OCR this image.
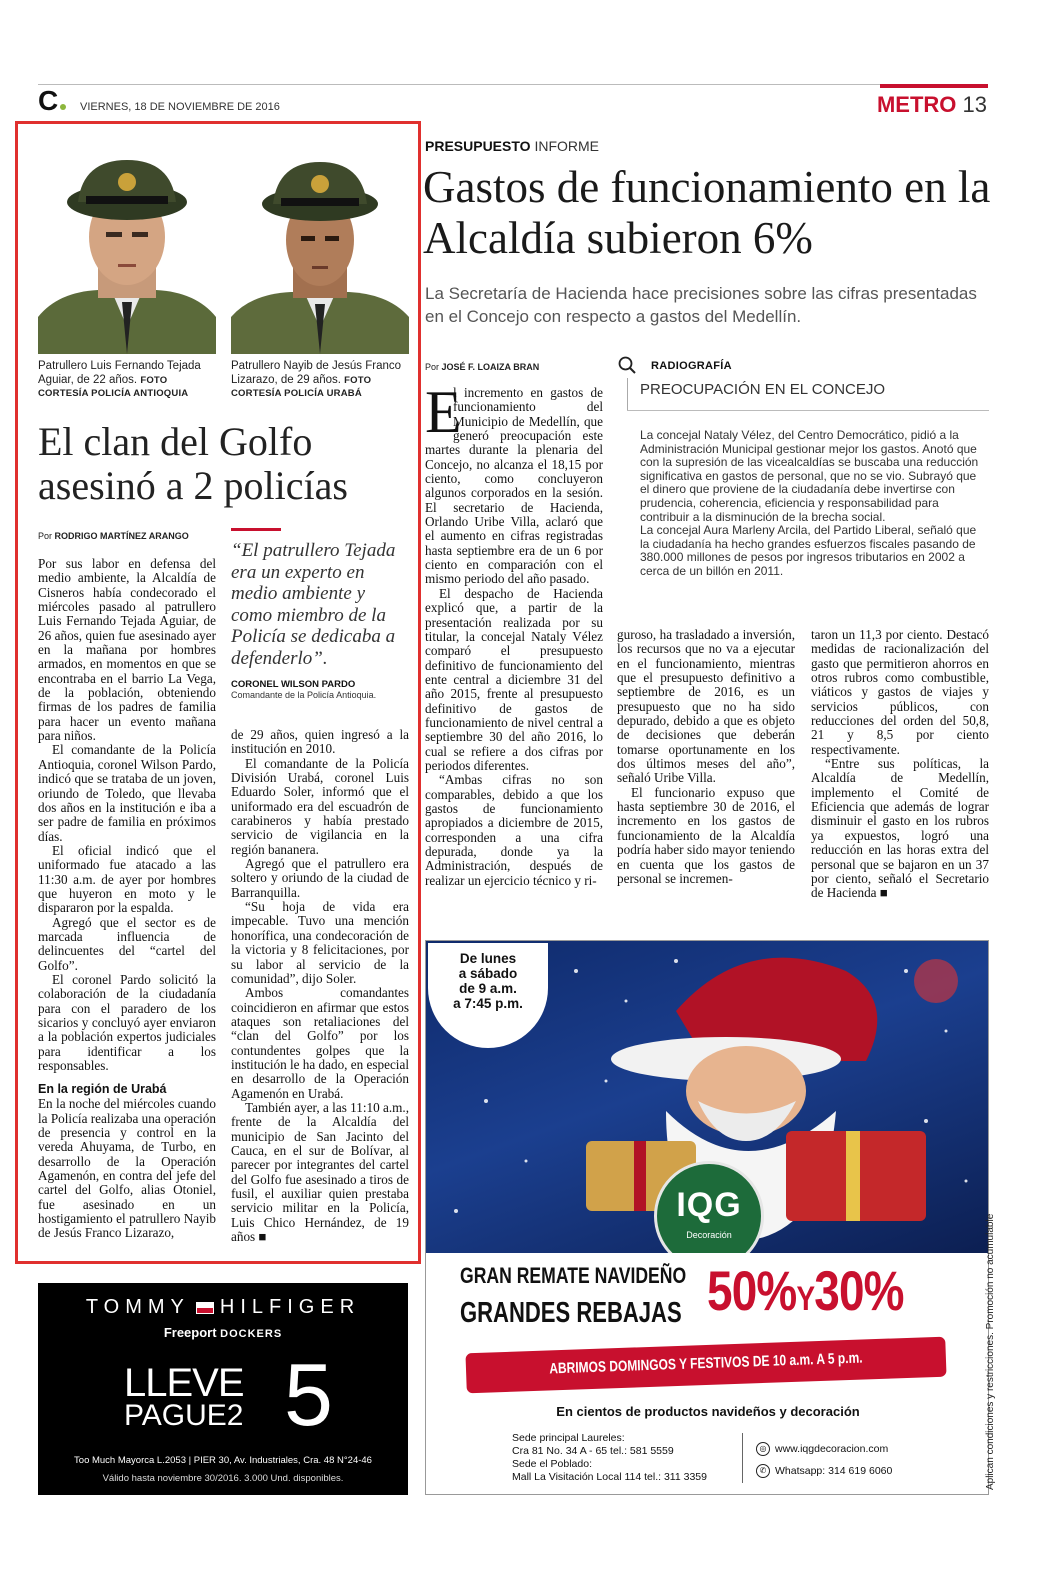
C	VIERNES, 18 DE NOVIEMBRE DE 2016	METRO 13
Patrullero Luis Fernando Tejada Aguiar, de 22 años. FOTO CORTESÍA POLICÍA ANTIOQUIA
Patrullero Nayib de Jesús Franco Lizarazo, de 29 años. FOTO CORTESÍA POLICÍA URABÁ
El clan del Golfo asesinó a 2 policías
Por RODRIGO MARTÍNEZ ARANGO

Por sus labor en defensa del medio ambiente, la Alcaldía de Cisneros había condecorado el miércoles pasado al patrullero Luis Fernando Tejada Aguiar, de 26 años, quien fue asesinado ayer en la mañana por hombres armados, en momentos en que se encontraba en el barrio La Vega, de la población, obteniendo firmas de los padres de familia para hacer un evento mañana para niños.

El comandante de la Policía Antioquia, coronel Wilson Pardo, indicó que se trataba de un joven, oriundo de Toledo, que llevaba dos años en la institución e iba a ser padre de familia en próximos días.

El oficial indicó que el uniformado fue atacado a las 11:30 a.m. de ayer por hombres que huyeron en moto y le dispararon por la espalda.

Agregó que el sector es de marcada influencia de delincuentes del “cartel del Golfo”.

El coronel Pardo solicitó la colaboración de la ciudadanía para con el paradero de los sicarios y concluyó ayer enviaron a la población expertos judiciales para identificar a los responsables.

En la región de Urabá

En la noche del miércoles cuando la Policía realizaba una operación de presencia y control en la vereda Ahuyama, de Turbo, en desarrollo de la Operación Agamenón, en contra del jefe del cartel del Golfo, alias Otoniel, fue asesinado en un hostigamiento el patrullero Nayib de Jesús Franco Lizarazo,

“El patrullero Tejada era un experto en medio ambiente y como miembro de la Policía se dedicaba a defenderlo”.
CORONEL WILSON PARDO
Comandante de la Policía Antioquia.

de 29 años, quien ingresó a la institución en 2010.

El comandante de la Policía División Urabá, coronel Luis Eduardo Soler, informó que el uniformado era del escuadrón de carabineros y había prestado servicio de vigilancia en la región bananera.

Agregó que el patrullero era soltero y oriundo de la ciudad de Barranquilla.

“Su hoja de vida era impecable. Tuvo una mención honorífica, una condecoración de la victoria y 8 felicitaciones, por su labor al servicio de la comunidad”, dijo Soler.

Ambos comandantes coincidieron en afirmar que estos ataques son retaliaciones del “clan del Golfo” por los contundentes golpes que la institución le ha dado, en especial en desarrollo de la Operación Agamenón en Urabá.

También ayer, a las 11:10 a.m., frente de la Alcaldía del municipio de San Jacinto del Cauca, en el sur de Bolívar, al parecer por integrantes del cartel del Golfo fue asesinado a tiros de fusil, el auxiliar quien prestaba servicio militar en la Policía, Luis Chico Hernández, de 19 años ■

PRESUPUESTO INFORME
Gastos de funcionamiento en la Alcaldía subieron 6%
La Secretaría de Hacienda hace precisiones sobre las cifras presentadas en el Concejo con respecto a gastos del Medellín.
Por JOSÉ F. LOAIZA BRAN

E
l incremento en gastos de funcionamiento del Municipio de Medellín, que generó preocupación este martes durante la plenaria del Concejo, no alcanza el 18,15 por ciento, como concluyeron algunos corporados en la sesión. El secretario de Hacienda, Orlando Uribe Villa, aclaró que el aumento en cifras registradas hasta septiembre era de un 6 por ciento en comparación con el mismo periodo del año pasado.

El despacho de Hacienda explicó que, a partir de la presentación realizada por su titular, la concejal Nataly Vélez comparó el presupuesto definitivo de funcionamiento del ente central a diciembre 31 del año 2015, frente al presupuesto definitivo de gastos de funcionamiento de nivel central a septiembre 30 del año 2016, lo cual se refiere a dos cifras por periodos diferentes.

“Ambas cifras no son comparables, debido a que los gastos de funcionamiento apropiados a diciembre de 2015, corresponden a una cifra depurada, donde ya la Administración, después de realizar un ejercicio técnico y ri-

guroso, ha trasladado a inversión, los recursos que no va a ejecutar en el funcionamiento, mientras que el presupuesto definitivo a septiembre de 2016, es un presupuesto que no ha sido depurado, debido a que es objeto de decisiones que deberán tomarse oportunamente en los dos últimos meses del año”, señaló Uribe Villa.

El funcionario expuso que hasta septiembre 30 de 2016, el incremento en los gastos de funcionamiento de la Alcaldía podría haber sido mayor teniendo en cuenta que los gastos de personal se incremen-

taron un 11,3 por ciento. Destacó medidas de racionalización del gasto que permitieron ahorros en otros rubros como combustible, viáticos y gastos de viajes y servicios públicos, con reducciones del orden del 50,8, 21 y 8,5 por ciento respectivamente.

“Entre sus políticas, la Alcaldía de Medellín, implemento el Comité de Eficiencia que además de lograr disminuir el gasto en los rubros ya expuestos, logró una reducción en las horas extra del personal que se bajaron en un 37 por ciento, señaló el Secretario de Hacienda ■

RADIOGRAFÍA
PREOCUPACIÓN EN EL CONCEJO

La concejal Nataly Vélez, del Centro Democrático, pidió a la Administración Municipal gestionar mejor los gastos. Anotó que con la supresión de las vicealcaldías se buscaba una reducción significativa en gastos de personal, que no se vio. Subrayó que el dinero que proviene de la ciudadanía debe invertirse con prudencia, coherencia, eficiencia y responsabilidad para contribuir a la disminución de la brecha social.

La concejal Aura Marleny Arcila, del Partido Liberal, señaló que la ciudadanía ha hecho grandes esfuerzos fiscales pasando de 380.000 millones de pesos por ingresos tributarios en 2002 a cerca de un billón en 2011.

TOMMY HILFIGER
Freeport DOCKERS
LLEVE
PAGUE2 5
Too Much Mayorca L.2053 | PIER 30, Av. Industriales, Cra. 48 N°24-46
Válido hasta noviembre 30/2016. 3.000 Und. disponibles.
De lunes
a sábado
de 9 a.m.
a 7:45 p.m.
IQG
Decoración
GRAN REMATE NAVIDEÑO
GRANDES REBAJAS 50%Y30%
ABRIMOS DOMINGOS Y FESTIVOS DE 10 a.m. A 5 p.m.
En cientos de productos navideños y decoración
Sede principal Laureles:
Cra 81 No. 34 A - 65 tel.: 581 5559
Sede el Poblado:
Mall La Visitación Local 114 tel.: 311 3359
◎ www.iqgdecoracion.com
✆ Whatsapp: 314 619 6060	Aplican condiciones y restricciones. Promoción no acumulable
